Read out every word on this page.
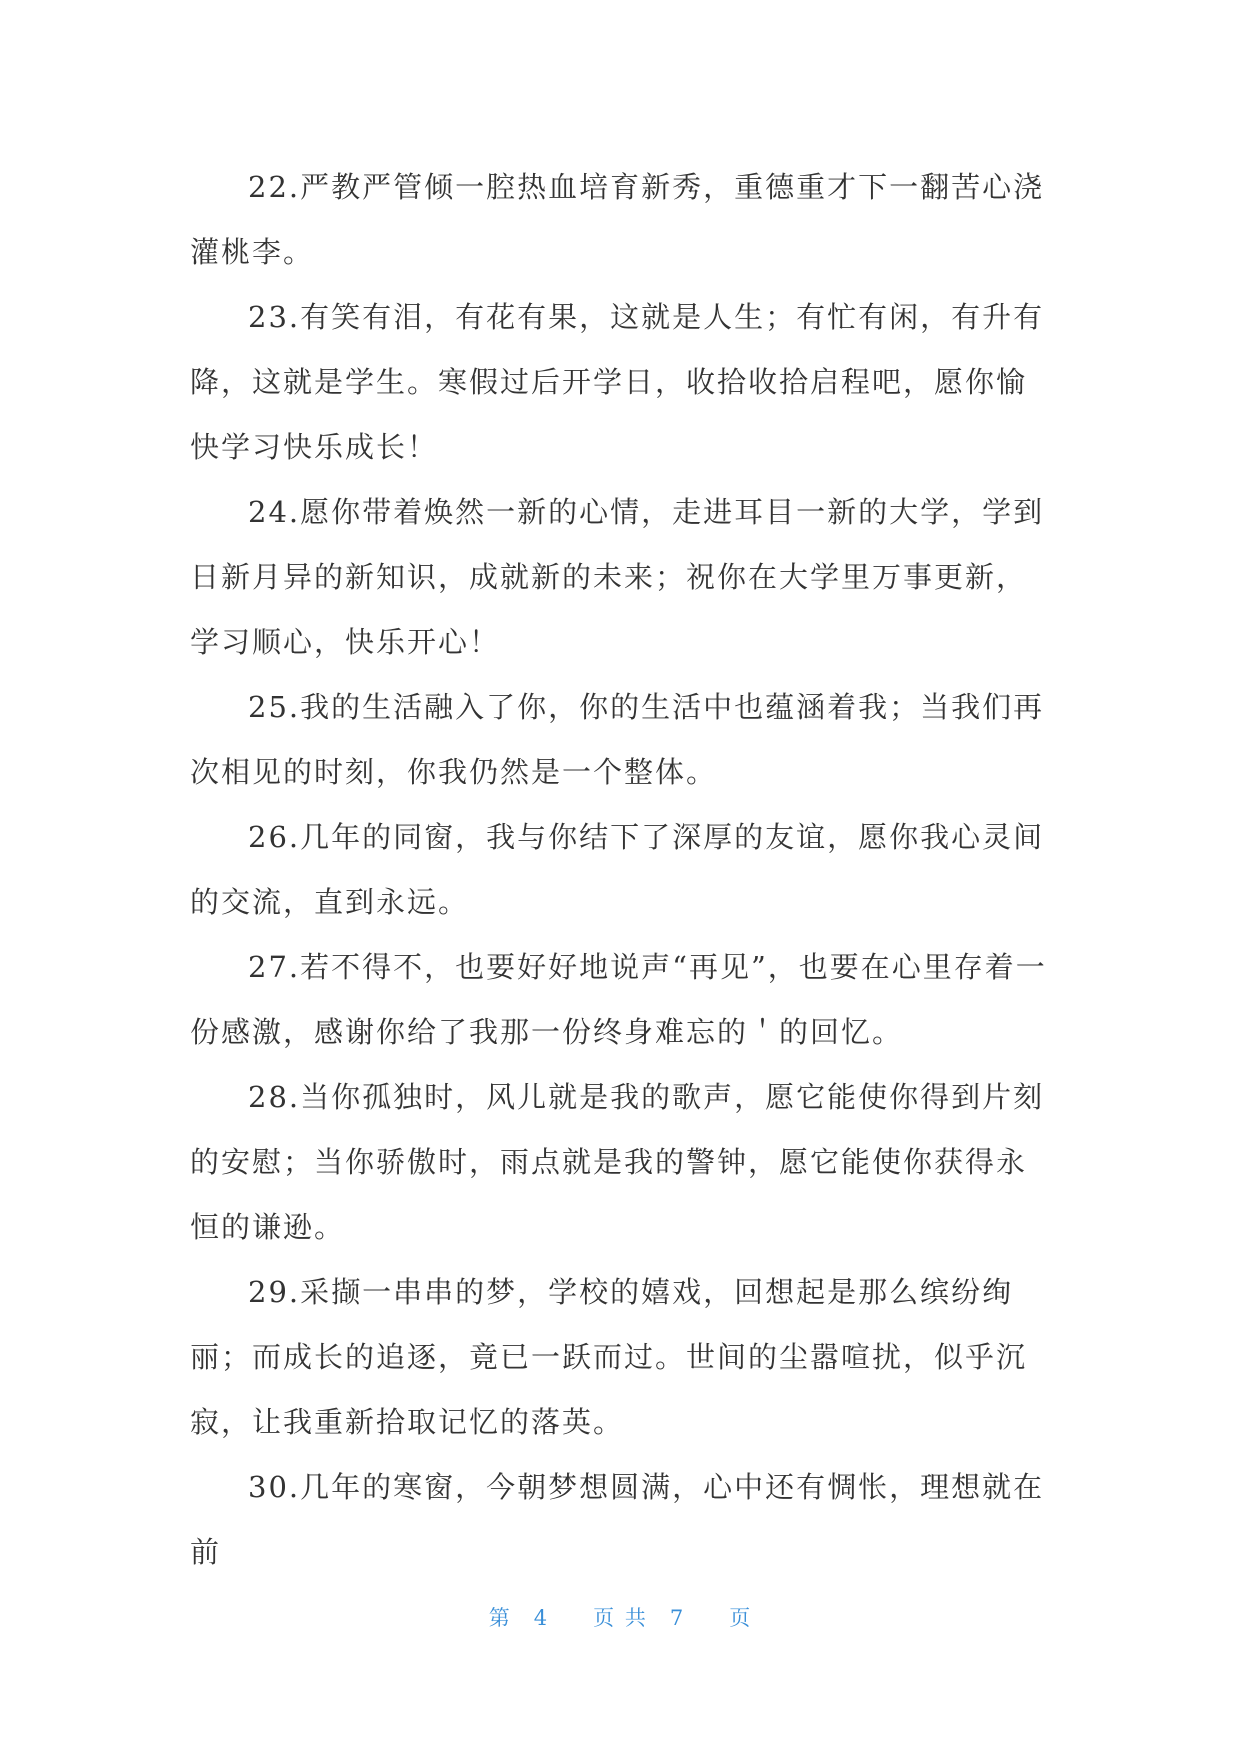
22.严教严管倾一腔热血培育新秀，重德重才下一翻苦心浇灌桃李。

23.有笑有泪，有花有果，这就是人生；有忙有闲，有升有降，这就是学生。寒假过后开学日，收拾收拾启程吧，愿你愉快学习快乐成长！

24.愿你带着焕然一新的心情，走进耳目一新的大学，学到日新月异的新知识，成就新的未来；祝你在大学里万事更新，学习顺心，快乐开心！

25.我的生活融入了你，你的生活中也蕴涵着我；当我们再次相见的时刻，你我仍然是一个整体。

26.几年的同窗，我与你结下了深厚的友谊，愿你我心灵间的交流，直到永远。

27.若不得不，也要好好地说声“再见”，也要在心里存着一份感激，感谢你给了我那一份终身难忘的＇的回忆。

28.当你孤独时，风儿就是我的歌声，愿它能使你得到片刻的安慰；当你骄傲时，雨点就是我的警钟，愿它能使你获得永恒的谦逊。

29.采撷一串串的梦，学校的嬉戏，回想起是那么缤纷绚丽；而成长的追逐，竟已一跃而过。世间的尘嚣喧扰，似乎沉寂，让我重新拾取记忆的落英。

30.几年的寒窗，今朝梦想圆满，心中还有惆怅，理想就在前

第 4 页 共 7 页
